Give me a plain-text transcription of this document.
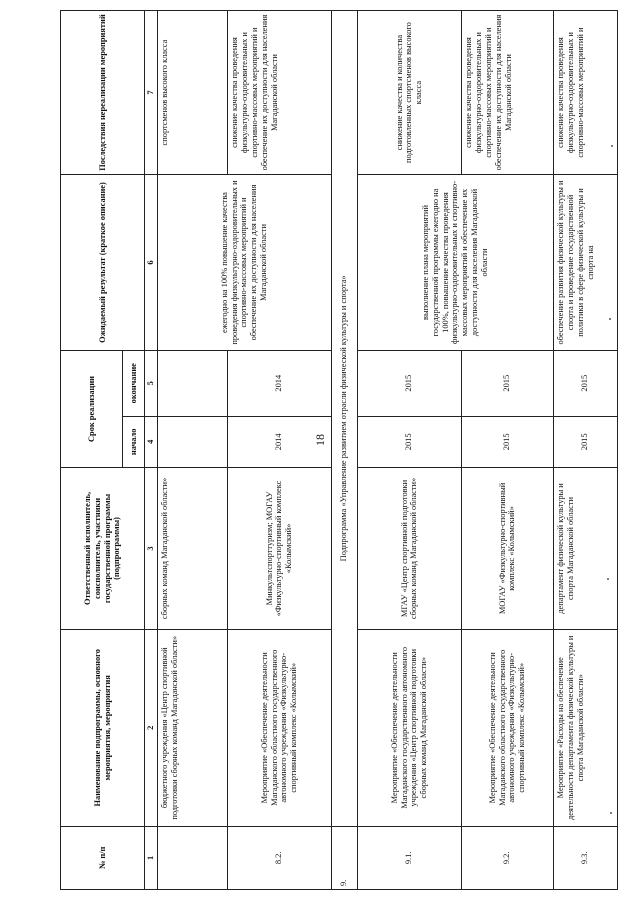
18
№ п/п	Наименование подпрограммы, основного мероприятия, мероприятия	Ответственный исполнитель, соисполнитель, участники государственной программы (подпрограммы)	Срок реализации		Ожидаемый результат (краткое описание)	Последствия нереализации мероприятий
			начало	окончание		
1	2	3	4	5	6	7
	бюджетного учреждения «Центр спортивной подготовки сборных команд Магаданской области»	сборных команд Магаданской области»			ежегодно на 100% повышение качества проведения физкультурно-оздоровительных и спортивно-массовых мероприятий и обеспечение их доступности для населения Магаданской области	спортсменов высокого класса
8.2.	Мероприятие «Обеспечение деятельности Магаданского областного государственного автономного учреждения «Физкультурно-спортивный комплекс «Колымский»	Минкультспорттуризм; МОГАУ «Физкультурно-спортивный комплекс «Колымский»	2014	2014		снижение качества проведения физкультурно-оздоровительных и спортивно-массовых мероприятий и обеспечение их доступности для населения Магаданской области
9.	Подпрограмма «Управление развитием отрасли физической культуры и спорта»					
9.1.	Мероприятие «Обеспечение деятельности Магаданского государственного автономного учреждения «Центр спортивной подготовки сборных команд Магаданской области»	МГАУ «Центр спортивной подготовки сборных команд Магаданской области»	2015	2015	выполнение плана мероприятий государственной программы ежегодно на 100%, повышение качества проведения физкультурно-оздоровительных и спортивно-массовых мероприятий и обеспечение их доступности для населения Магаданской области	снижение качества и количества подготовленных спортсменов высокого класса
9.2.	Мероприятие «Обеспечение деятельности Магаданского областного государственного автономного учреждения «Физкультурно-спортивный комплекс «Колымский»	МОГАУ «Физкультурно-спортивный комплекс «Колымский»	2015	2015		снижение качества проведения физкультурно-оздоровительных и спортивно-массовых мероприятий и обеспечение их доступности для населения Магаданской области
9.3.	Мероприятие «Расходы на обеспечение деятельности департамента физической культуры и спорта Магаданской области»	департамент физической культуры и спорта Магаданской области	2015	2015	обеспечение развития физической культуры и спорта и проведение государственной политики в сфере физической культуры и спорта на	снижение качества проведения физкультурно-оздоровительных и спортивно-массовых мероприятий и
